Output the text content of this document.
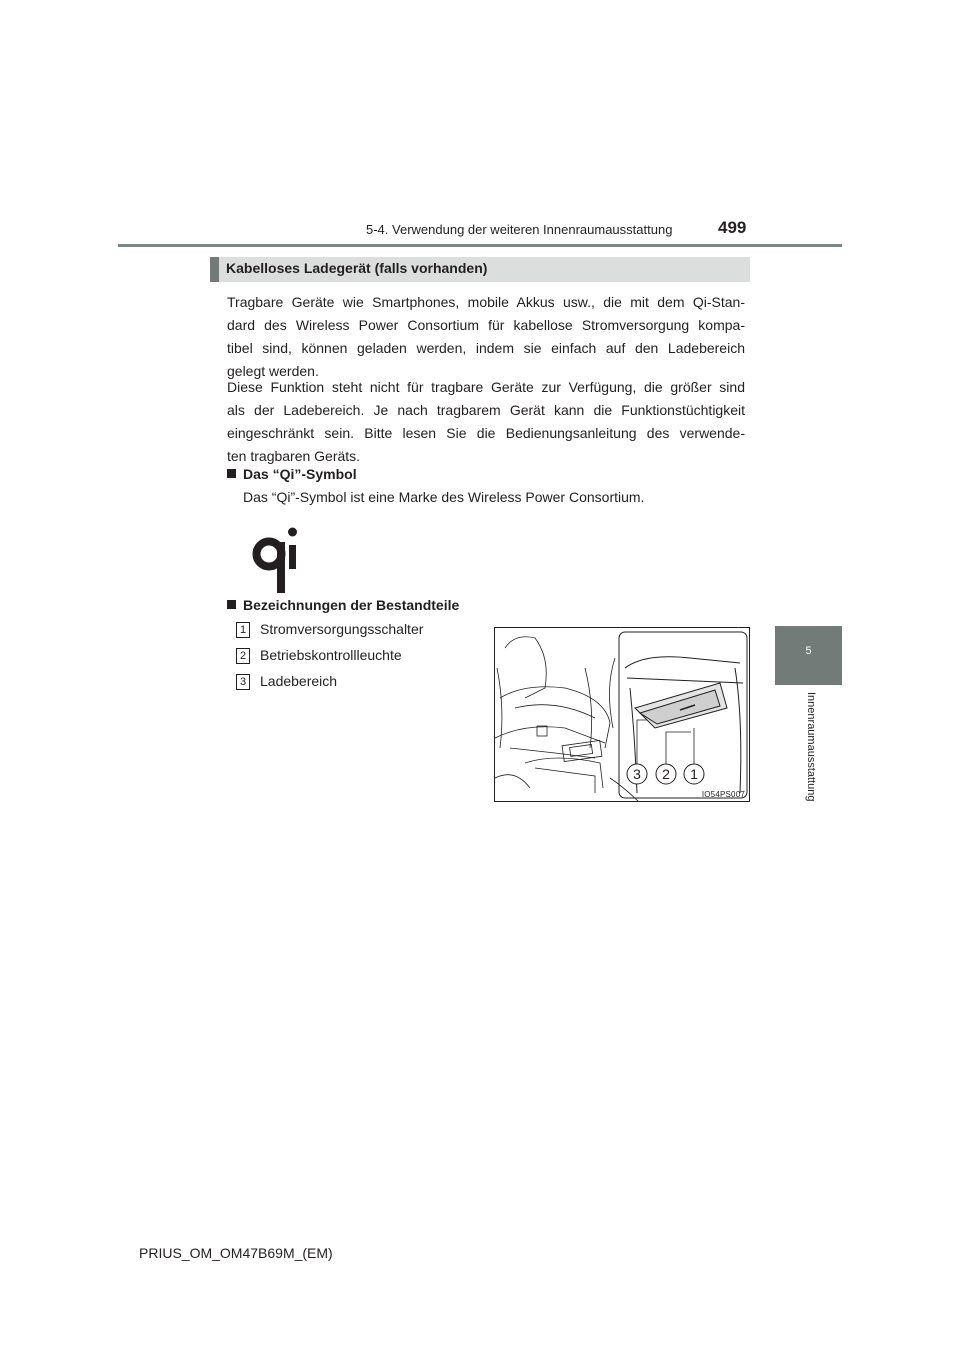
5-4. Verwendung der weiteren Innenraumausstattung	499
5
Innenraumausstattung
Kabelloses Ladegerät (falls vorhanden)
Tragbare Geräte wie Smartphones, mobile Akkus usw., die mit dem Qi-Stan-
dard des Wireless Power Consortium für kabellose Stromversorgung kompa-
tibel sind, können geladen werden, indem sie einfach auf den Ladebereich
gelegt werden.
Diese Funktion steht nicht für tragbare Geräte zur Verfügung, die größer sind
als der Ladebereich. Je nach tragbarem Gerät kann die Funktionstüchtigkeit
eingeschränkt sein. Bitte lesen Sie die Bedienungsanleitung des verwende-
ten tragbaren Geräts.
Das “Qi”-Symbol
Das “Qi”-Symbol ist eine Marke des Wireless Power Consortium.
Bezeichnungen der Bestandteile
1 Stromversorgungsschalter
2 Betriebskontrollleuchte
3 Ladebereich
3 2 1
IO54PS007
PRIUS_OM_OM47B69M_(EM)
